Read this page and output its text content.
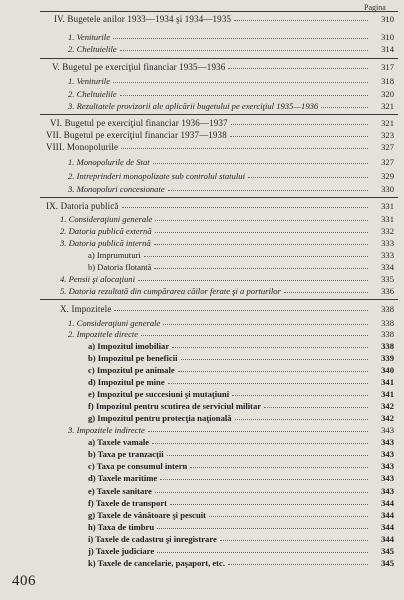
Pagina
IV. Bugetele anilor 1933—1934 şi 1934—1935	310
1. Veniturile	310
2. Cheltuielile	314
V. Bugetul pe exerciţiul financiar 1935—1936	317
1. Veniturile	318
2. Cheltuielile	320
3. Rezultatele provizorii ale aplicării bugetului pe exerciţiul 1935—1936	321
VI. Bugetul pe exerciţiul financiar 1936—1937	321
VII. Bugetul pe exerciţiul financiar 1937—1938	323
VIII. Monopolurile	327
1. Monopolurile de Stat	327
2. Intreprinderi monopolizate sub controlul statului	329
3. Monopoluri concesionate	330
IX. Datoria publică	331
1. Consideraţiuni generale	331
2. Datoria publică externă	332
3. Datoria publică internă	333
a) Imprumuturi	333
b) Datoria flotantă	334
4. Pensii şi alocaţiuni	335
5. Datoria rezultată din cumpărarea căilor ferate şi a porturilor	336
X. Impozitele	338
1. Consideraţiuni generale	338
2. Impozitele directe	338
a) Impozitul imobiliar	338
b) Impozitul pe beneficii	339
c) Impozitul pe animale	340
d) Impozitul pe mine	341
e) Impozitul pe succesiuni şi mutaţiuni	341
f) Impozitul pentru scutirea de serviciul militar	342
g) Impozitul pentru protecţia naţională	342
3. Impozitele indirecte	343
a) Taxele vamale	343
b) Taxa pe tranzacţii	343
c) Taxa pe consumul intern	343
d) Taxele maritime	343
e) Taxele sanitare	343
f) Taxele de transport	344
g) Taxele de vânătoare şi pescuit	344
h) Taxa de timbru	344
i) Taxele de cadastru şi inregistrare	344
j) Taxele judiciare	345
k) Taxele de cancelarie, paşaport, etc.	345
406
